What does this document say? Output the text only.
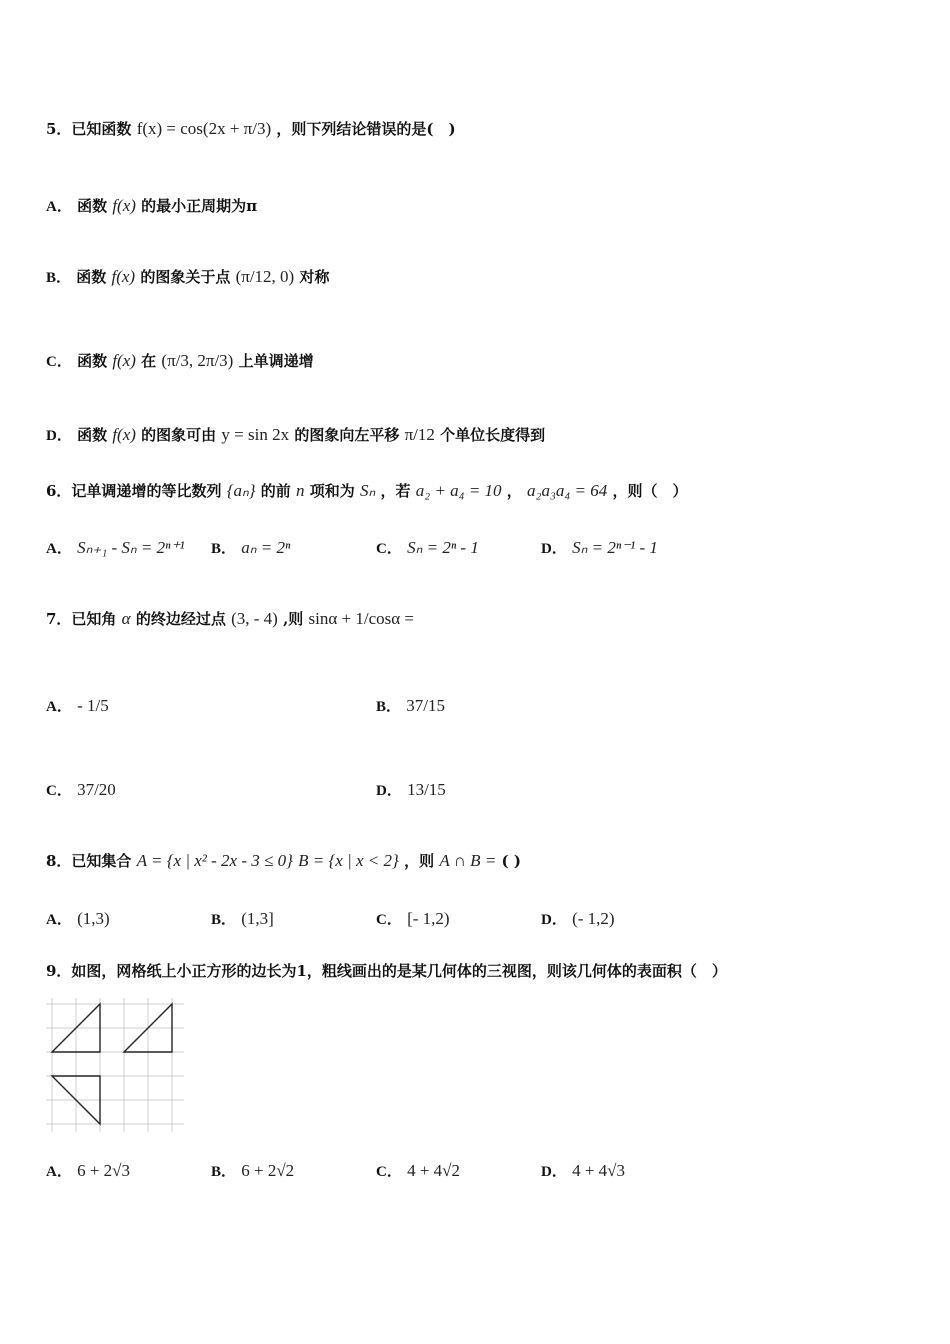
5．已知函数 f(x) = cos(2x + π/3) ，则下列结论错误的是(　)
A． 函数 f(x) 的最小正周期为π
B． 函数 f(x) 的图象关于点 (π/12, 0) 对称
C． 函数 f(x) 在 (π/3, 2π/3) 上单调递增
D． 函数 f(x) 的图象可由 y = sin 2x 的图象向左平移 π/12 个单位长度得到
6．记单调递增的等比数列 {aₙ} 的前 n 项和为 Sₙ ，若 a₂ + a₄ = 10 ， a₂a₃a₄ = 64 ，则（　）
A． Sₙ₊₁ - Sₙ = 2ⁿ⁺¹ B． aₙ = 2ⁿ	C． Sₙ = 2ⁿ - 1	D． Sₙ = 2ⁿ⁻¹ - 1
7．已知角 α 的终边经过点 (3, - 4) ,则 sinα + 1/cosα =
A． - 1/5	B． 37/15
C． 37/20	D． 13/15
8．已知集合 A = {x | x² - 2x - 3 ≤ 0} B = {x | x < 2} ，则 A ∩ B = ( )
A． (1,3)	B． (1,3]	C． [- 1,2)	D． (- 1,2)
9．如图，网格纸上小正方形的边长为1，粗线画出的是某几何体的三视图，则该几何体的表面积（　）
A． 6 + 2√3	B． 6 + 2√2	C． 4 + 4√2	D． 4 + 4√3
